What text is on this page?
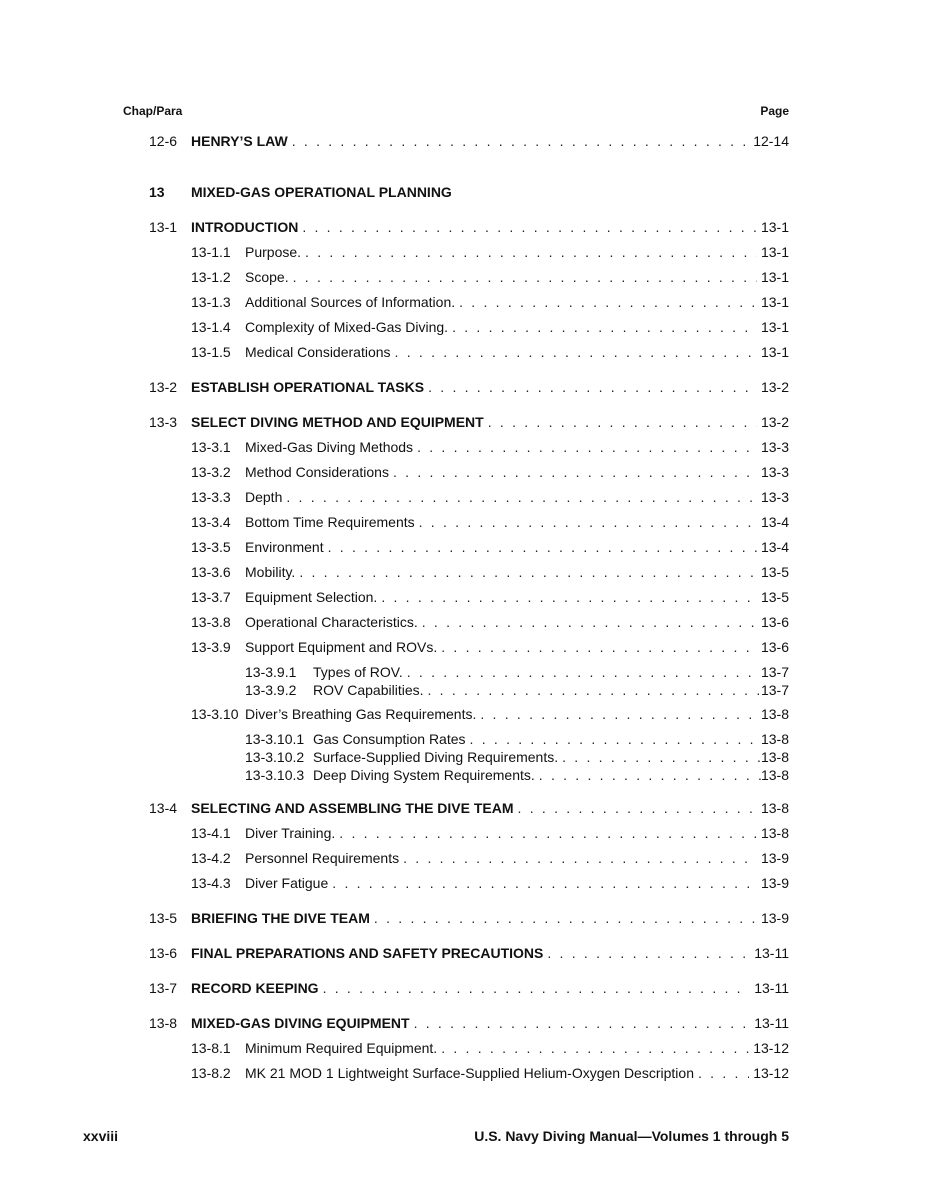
Chap/Para	Page
12-6 HENRY’S LAW . . .	12-14
13 MIXED-GAS OPERATIONAL PLANNING
13-1 INTRODUCTION . . .	13-1
13-1.1	Purpose. . . .	13-1
13-1.2	Scope. . . .	13-1
13-1.3	Additional Sources of Information. . . .	13-1
13-1.4	Complexity of Mixed-Gas Diving. . . .	13-1
13-1.5	Medical Considerations . . .	13-1
13-2 ESTABLISH OPERATIONAL TASKS . . .	13-2
13-3 SELECT DIVING METHOD AND EQUIPMENT . . .	13-2
13-3.1	Mixed-Gas Diving Methods . . .	13-3
13-3.2	Method Considerations . . .	13-3
13-3.3	Depth . . .	13-3
13-3.4	Bottom Time Requirements . . .	13-4
13-3.5	Environment . . .	13-4
13-3.6	Mobility. . . .	13-5
13-3.7	Equipment Selection. . . .	13-5
13-3.8	Operational Characteristics. . . .	13-6
13-3.9	Support Equipment and ROVs. . . .	13-6
13-3.9.1	Types of ROV. . . .	13-7
13-3.9.2	ROV Capabilities. . . .	13-7
13-3.10 Diver’s Breathing Gas Requirements. . . .	13-8
13-3.10.1 Gas Consumption Rates . . .	13-8
13-3.10.2 Surface-Supplied Diving Requirements. . . .	13-8
13-3.10.3 Deep Diving System Requirements. . . .	13-8
13-4 SELECTING AND ASSEMBLING THE DIVE TEAM . . .	13-8
13-4.1	Diver Training. . . .	13-8
13-4.2	Personnel Requirements . . .	13-9
13-4.3	Diver Fatigue . . .	13-9
13-5 BRIEFING THE DIVE TEAM . . .	13-9
13-6 FINAL PREPARATIONS AND SAFETY PRECAUTIONS . . .	13-11
13-7 RECORD KEEPING . . .	13-11
13-8 MIXED-GAS DIVING EQUIPMENT . . .	13-11
13-8.1	Minimum Required Equipment. . . .	13-12
13-8.2	MK 21 MOD 1 Lightweight Surface-Supplied Helium-Oxygen Description . . .	13-12
xxviii	U.S. Navy Diving Manual—Volumes 1 through 5
